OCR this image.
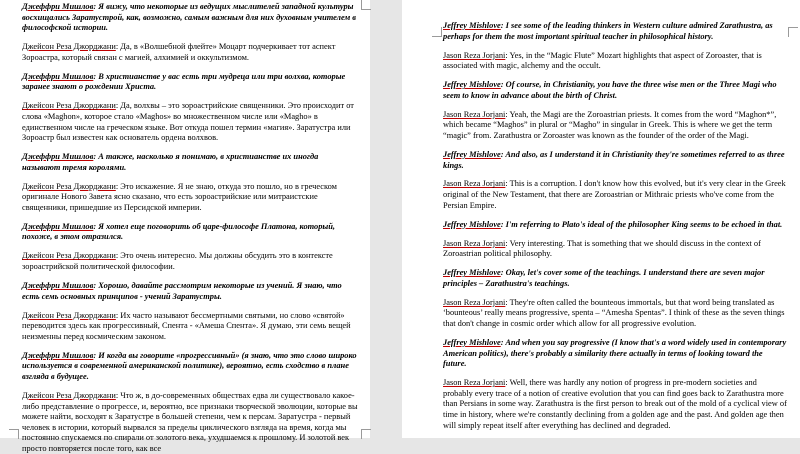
Джеффри Мишлов: Я вижу, что некоторые из ведущих мыслителей западной культуры восхищались Заратустрой, как, возможно, самым важным для них духовным учителем в философской истории.

Джейсон Реза Джорджани: Да, в «Волшебной флейте» Моцарт подчеркивает тот аспект Зороастра, который связан с магией, алхимией и оккультизмом.

Джеффри Мишлов: В христианстве у вас есть три мудреца или три волхва, которые заранее знают о рождении Христа.

Джейсон Реза Джорджани: Да, волхвы – это зороастрийские священники. Это происходит от слова «Maghon», которое стало «Maghos» во множественном числе или «Magho» в единственном числе на греческом языке. Вот откуда пошел термин «магия». Заратустра или Зороастр был известен как основатель ордена волхвов.

Джеффри Мишлов: А также, насколько я понимаю, в христианстве их иногда называют тремя королями.

Джейсон Реза Джорджани: Это искажение. Я не знаю, откуда это пошло, но в греческом оригинале Нового Завета ясно сказано, что есть зороастрийские или митраистские священники, пришедшие из Персидской империи.

Джеффри Мишлов: Я хотел еще поговорить об царе-философе Платона, который, похоже, в этом отразился.

Джейсон Реза Джорджани: Это очень интересно. Мы должны обсудить это в контексте зороастрийской политической философии.

Джеффри Мишлов: Хорошо, давайте рассмотрим некоторые из учений. Я знаю, что есть семь основных принципов - учений Заратустры.

Джейсон Реза Джорджани: Их часто называют бессмертными святыми, но слово «святой» переводится здесь как прогрессивный, Спента - «Амеша Спента». Я думаю, эти семь вещей неизменны перед космическим законом.

Джеффри Мишлов: И когда вы говорите «прогрессивный» (я знаю, что это слово широко используется в современной американской политике), вероятно, есть сходство в плане взгляда в будущее.

Джейсон Реза Джорджани: Что ж, в до-современных обществах едва ли существовало какое-либо представление о прогрессе, и, вероятно, все признаки творческой эволюции, которые вы можете найти, восходят к Заратустре в большей степени, чем к персам. Заратустра - первый человек в истории, который вырвался за пределы циклического взгляда на время, когда мы постоянно спускаемся по спирали от золотого века, ухудшаемся к прошлому. И золотой век просто повторяется после того, как все

Jeffrey Mishlove: I see some of the leading thinkers in Western culture admired Zarathustra, as perhaps for them the most important spiritual teacher in philosophical history.

Jason Reza Jorjani: Yes, in the “Magic Flute” Mozart highlights that aspect of Zoroaster, that is associated with magic, alchemy and the occult.

Jeffrey Mishlove: Of course, in Christianity, you have the three wise men or the Three Magi who seem to know in advance about the birth of Christ.

Jason Reza Jorjani: Yeah, the Magi are the Zoroastrian priests. It comes from the word “Maghon*”, which became “Maghos” in plural or “Magho” in singular in Greek. This is where we get the term “magic” from. Zarathustra or Zoroaster was known as the founder of the order of the Magi.

Jeffrey Mishlove: And also, as I understand it in Christianity they're sometimes referred to as three kings.

Jason Reza Jorjani: This is a corruption. I don't know how this evolved, but it's very clear in the Greek original of the New Testament, that there are Zoroastrian or Mithraic priests who've come from the Persian Empire.

Jeffrey Mishlove: I'm referring to Plato's ideal of the philosopher King seems to be echoed in that.

Jason Reza Jorjani: Very interesting. That is something that we should discuss in the context of Zoroastrian political philosophy.

Jeffrey Mishlove: Okay, let's cover some of the teachings. I understand there are seven major principles – Zarathustra's teachings.

Jason Reza Jorjani: They're often called the bounteous immortals, but that word being translated as ‘bounteous’ really means progressive, spenta – “Amesha Spentas”. I think of these as the seven things that don't change in cosmic order which allow for all progressive evolution.

Jeffrey Mishlove: And when you say progressive (I know that's a word widely used in contemporary American politics), there's probably a similarity there actually in terms of looking toward the future.

Jason Reza Jorjani: Well, there was hardly any notion of progress in pre-modern societies and probably every trace of a notion of creative evolution that you can find goes back to Zarathustra more than Persians in some way. Zarathustra is the first person to break out of the mold of a cyclical view of time in history, where we're constantly declining from a golden age and the past. And golden age then will simply repeat itself after everything has declined and degraded.
